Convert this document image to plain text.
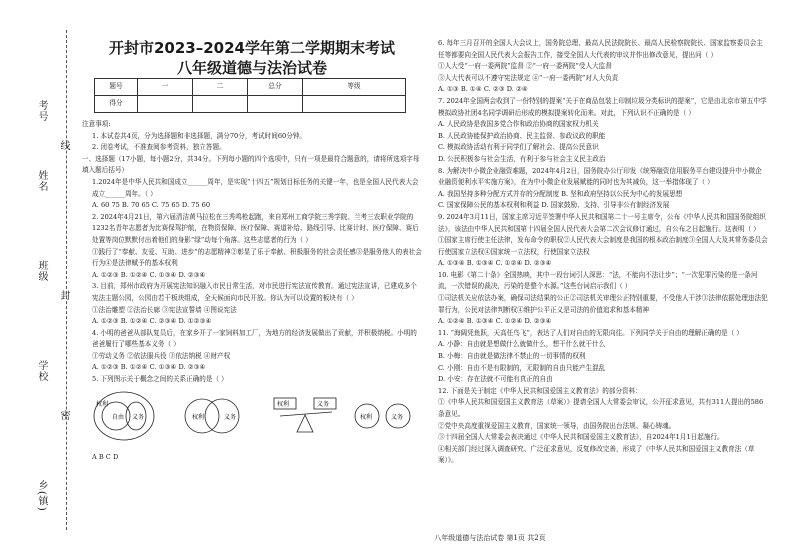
乡(镇)
学校
班级
姓名
考号
密
封
线

开封市2023–2024学年第二学期期末考试

八年级道德与法治试卷

题号	一	二	总分	等级
得分				

注意事项:

1. 本试卷共4页，分为选择题和非选择题，满分70分，考试时间60分钟。

2. 闭卷考试，不准查阅参考资料，独立答题。

一、选择题（17小题，每小题2分，共34分。下列每小题的四个选项中，只有一项是最符合题意的，请将所选项字母填入题后括号）

1.2024年是中华人民共和国成立______周年，是实现“十四五”规划目标任务的关键一年，也是全国人民代表大会成立______周年。（ ）

A. 60 75 B. 70 65 C. 75 65 D. 75 60

2. 2024年4月21日，第六届清洁黄马拉松在三秀鸣枪起跑，来自郑州工商学院三秀学院、兰考三农职业学院的1232名青年志愿者为比赛保驾护航，在物资保障、医疗保障、赛道补给、路线引导、比赛计时、医疗保障、赛后处置等岗位默默付出着他们的身影“绿”动每个角落。这些志愿者的行为（ ）

①践行了“奉献、友爱、互助、进步”的志愿精神②彰显了乐于奉献、积极服务的社会责任感③是服务他人的表社会行为④是法律赋予的基本权利

A. ①②③ B. ①②④ C. ①③④ D. ②③④

3. 目前，郑州市政府为开展宪法知识融入市民日常生活，对市民进行宪法宣传教育。通过宪法宣讲，已建成多个宪法主题公园，公园由若干板块组成，全天候面向市民开放。你认为可以设置的板块有（ ）

①法治雕塑 ②法治长廊 ③宪法宣誓墙 ④图说宪法
A. ①②③ B. ①②④ C. ②③④ D. ①②③④

4. 小明的爸爸从部队复员后，在家乡开了一家饲料加工厂，为地方的经济发展做出了贡献，并积极纳税。小明的爸爸履行了哪些基本义务（ ）

①劳动义务 ②依法服兵役 ③依法纳税 ④财产权
A. ①②③ B. ①②④ C. ①③④ D. ②③④

5. 下列图示关于概念之间的关系正确的是（ ）

权利
自由 义务	权利	义务
权利	义务
权利	义务

A B C D

6. 每年三月召开的全国人大会议上，国务院总理、最高人民法院院长、最高人民检察院院长、国家监察委员会主任等都要向全国人民代表大会报告工作，接受全国人大代表的审议并作出修改意见，提出问（ ）

①人大受“一府一委两院”监督 ②“一府一委两院”受人大监督
③人大代表可以不遵守宪法规定 ④“一府一委两院”对人大负责
A. ①③ B. ①④ C. ②③ D. ②④

7. 2024年全国两会收到了一份特别的提案“关于在商品包装上印制垃圾分类标识的提案”，它是由北京市第五中学模拟政协社团4名同学调研后形成的模拟提案转化而来。对此，下列认识不正确的是（ ）

A. 人民政协是我国多党合作和政治协商的国家权力机关
B. 人民政协能保护政治协商、民主监督、参政议政的职能
C. 模拟政协活动有利于同学们了解社会、提高公民意识
D. 公民积极参与社会生活，有利于参与社会主义民主政治

8. 为解决中小微企业融资难题，2024年4月2日，国务院办公厅印发《统筹融资信用服务平台建设提升中小微企业融资便利水平实施方案》，在为中小微企业发展赋能的同时也为其减负，这一举措体现了（ ）

A. 我国坚持多种分配方式并存的分配制度 B. 坚和政府坚持以公民为中心的发展思想
C. 国家保障公民的基本权利和利益 D. 国家鼓励、支持、引导非公有制经济发展

9. 2024年3月11日，国家主席习近平签署中华人民共和国第二十一号主席令，公布《中华人民共和国国务院组织法》，该法由中华人民共和国第十四届全国人民代表大会第二次会议修订通过，自公布之日起施行。这表明（ ）

①国家主席行使主任法律，发布命令的职权②人民代表大会制度是我国的根本政治制度③全国人大及其常务委员会行使国家立法权④国家统一立法权，行使国家立法权
A. ①③④ B. ①③④ C. ①②④ D. ②③④

10. 电影《第二十条》全国热映，其中一段台词引人深思：“法，不能向不法让步”；“一次犯罪污染的是一条河流，一次错误的裁决，污染的是整个水源。”这些台词启示我们（ ）

①司法机关应依法办案，确保司法结果的公正②司法机关审理公正特别重要，不受他人干涉③法律依据处理违法犯罪行为，公民对法律判断权④维护公平正义是司法的价值追求和基本精神
A. ①②④ B. ①③④ C. ①②④ D. ②③④

11. “海阔凭鱼跃，天高任鸟飞”，表达了人们对自由的无限向往。下列同学关于自由的理解正确的是（ ）

A. 小静：自由就是想做什么就做什么，想干什么就干什么
B. 小梅：自由就是做法律不禁止的一切事情的权利
C. 小刚：自由不是有限制的，无限制的自由只能产生混乱
D. 小安：存在法就不可能有真正的自由

12. 下面是关于制定《中华人民共和国爱国主义教育法》的部分资料：

①《中华人民共和国爱国主义教育法（草案）》提请全国人大常委会审议，公开征求意见，共有311人提出的586条意见。
②党中央高度重视爱国主义教育，国家统一领导，由国务院出台法规、凝心铸魂。
③十四届全国人大常委会表决通过《中华人民共和国爱国主义教育法》，自2024年1月1日起施行。
④相关部门经过深入调查研究、广泛征求意见，反复修改完善，形成了《中华人民共和国爱国主义教育法（草案）》。

八年级道德与法治试卷 第1页 共2页
